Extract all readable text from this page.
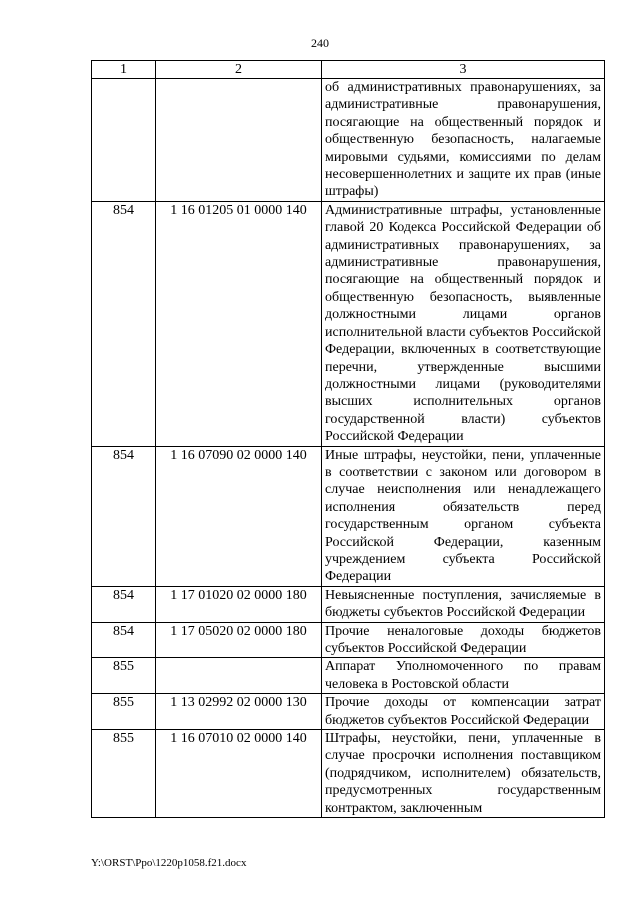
240
1	2	3
		об административных правонарушениях, за административные правонарушения, посягающие на общественный порядок и общественную безопасность, налагаемые мировыми судьями, комиссиями по делам несовершеннолетних и защите их прав (иные штрафы)
854	1 16 01205 01 0000 140	Административные штрафы, установленные главой 20 Кодекса Российской Федерации об административных правонарушениях, за административные правонарушения, посягающие на общественный порядок и общественную безопасность, выявленные должностными лицами органов исполнительной власти субъектов Российской Федерации, включенных в соответствующие перечни, утвержденные высшими должностными лицами (руководителями высших исполнительных органов государственной власти) субъектов Российской Федерации
854	1 16 07090 02 0000 140	Иные штрафы, неустойки, пени, уплаченные в соответствии с законом или договором в случае неисполнения или ненадлежащего исполнения обязательств перед государственным органом субъекта Российской Федерации, казенным учреждением субъекта Российской Федерации
854	1 17 01020 02 0000 180	Невыясненные поступления, зачисляемые в бюджеты субъектов Российской Федерации
854	1 17 05020 02 0000 180	Прочие неналоговые доходы бюджетов субъектов Российской Федерации
855		Аппарат Уполномоченного по правам человека в Ростовской области
855	1 13 02992 02 0000 130	Прочие доходы от компенсации затрат бюджетов субъектов Российской Федерации
855	1 16 07010 02 0000 140	Штрафы, неустойки, пени, уплаченные в случае просрочки исполнения поставщиком (подрядчиком, исполнителем) обязательств, предусмотренных государственным контрактом, заключенным
Y:\ORST\Ppo\1220p1058.f21.docx
